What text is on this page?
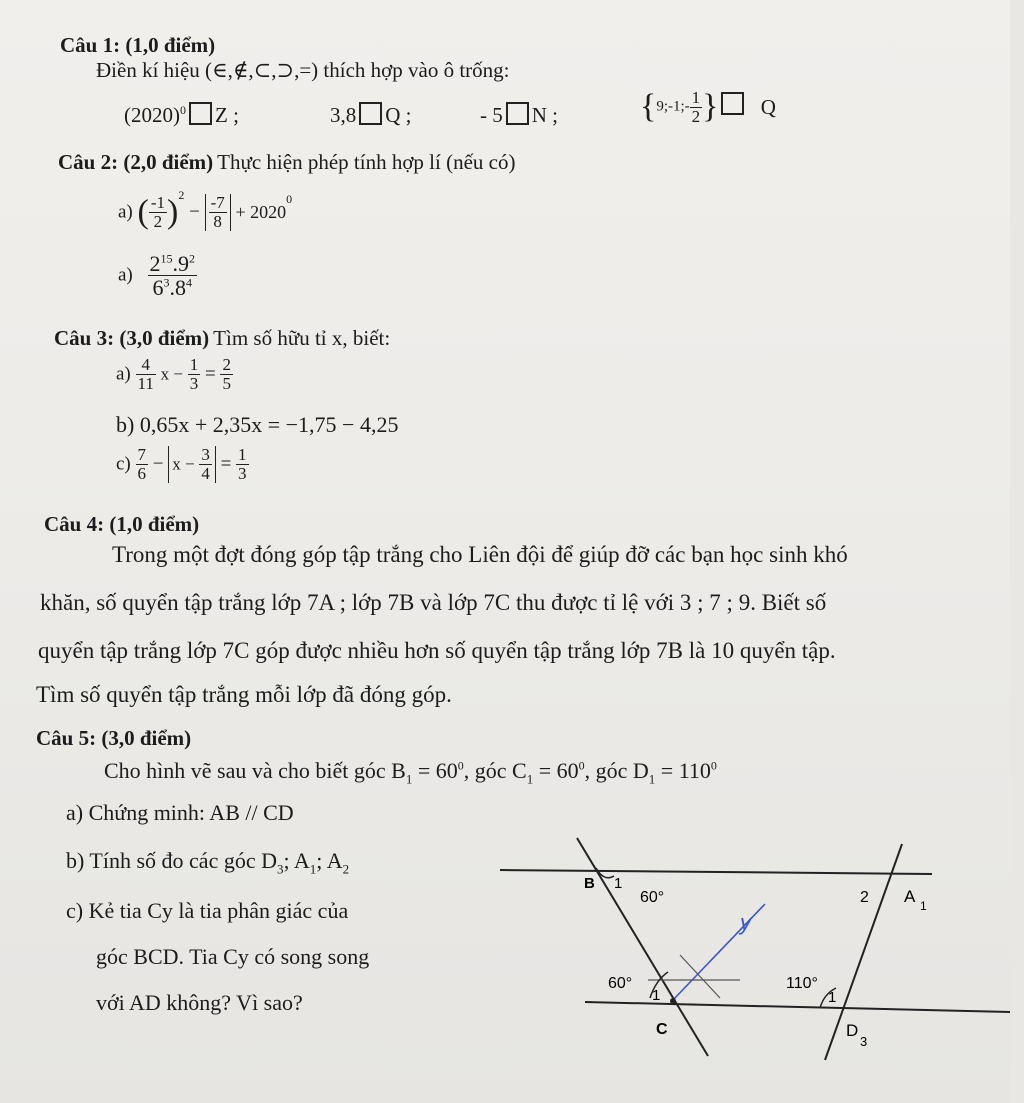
Câu 1: (1,0 điểm)
Điền kí hiệu (∈,∉,⊂,⊃,=) thích hợp vào ô trống:
$(2020)^0$ Z ;	3,8 Q ;	- 5 N ; {9;-1;- $\frac{1}{2}$ } Q
Câu 2: (2,0 điểm) Thực hiện phép tính hợp lí (nếu có)
a) ( $\frac{-1}{2} )^2 - \frac{-7}{8} + 2020^0$
$a) \frac{2^{15}.9^2}{6^3.8^4}$
Câu 3: (3,0 điểm) Tìm số hữu tỉ x, biết:
$a) \frac{4}{11}$ $x - \frac{1}{3} = \frac{2}{5}$
b) 0,65x + 2,35x = −1,75 − 4,25
$c) \frac{7}{6} - x - \frac{3}{4} = \frac{1}{3}$
Câu 4: (1,0 điểm)
Trong một đợt đóng góp tập trắng cho Liên đội để giúp đỡ các bạn học sinh khó
khăn, số quyển tập trắng lớp 7A ; lớp 7B và lớp 7C thu được tỉ lệ với 3 ; 7 ; 9. Biết số
quyển tập trắng lớp 7C góp được nhiều hơn số quyển tập trắng lớp 7B là 10 quyển tập.
Tìm số quyển tập trắng mỗi lớp đã đóng góp.
Câu 5: (3,0 điểm)
Cho hình vẽ sau và cho biết góc $B_1 = 60^0$, góc $C_1 = 60^0$, góc $D_1 = 110^0$
a) Chứng minh: AB // CD
b) Tính số đo các góc $D_3$; $A_1$; $A_2$
c) Kẻ tia Cy là tia phân giác của
góc BCD. Tia Cy có song song
với AD không? Vì sao?
B 1
60°	2 A 1
y
60°
1
C
110°
1
D
3
